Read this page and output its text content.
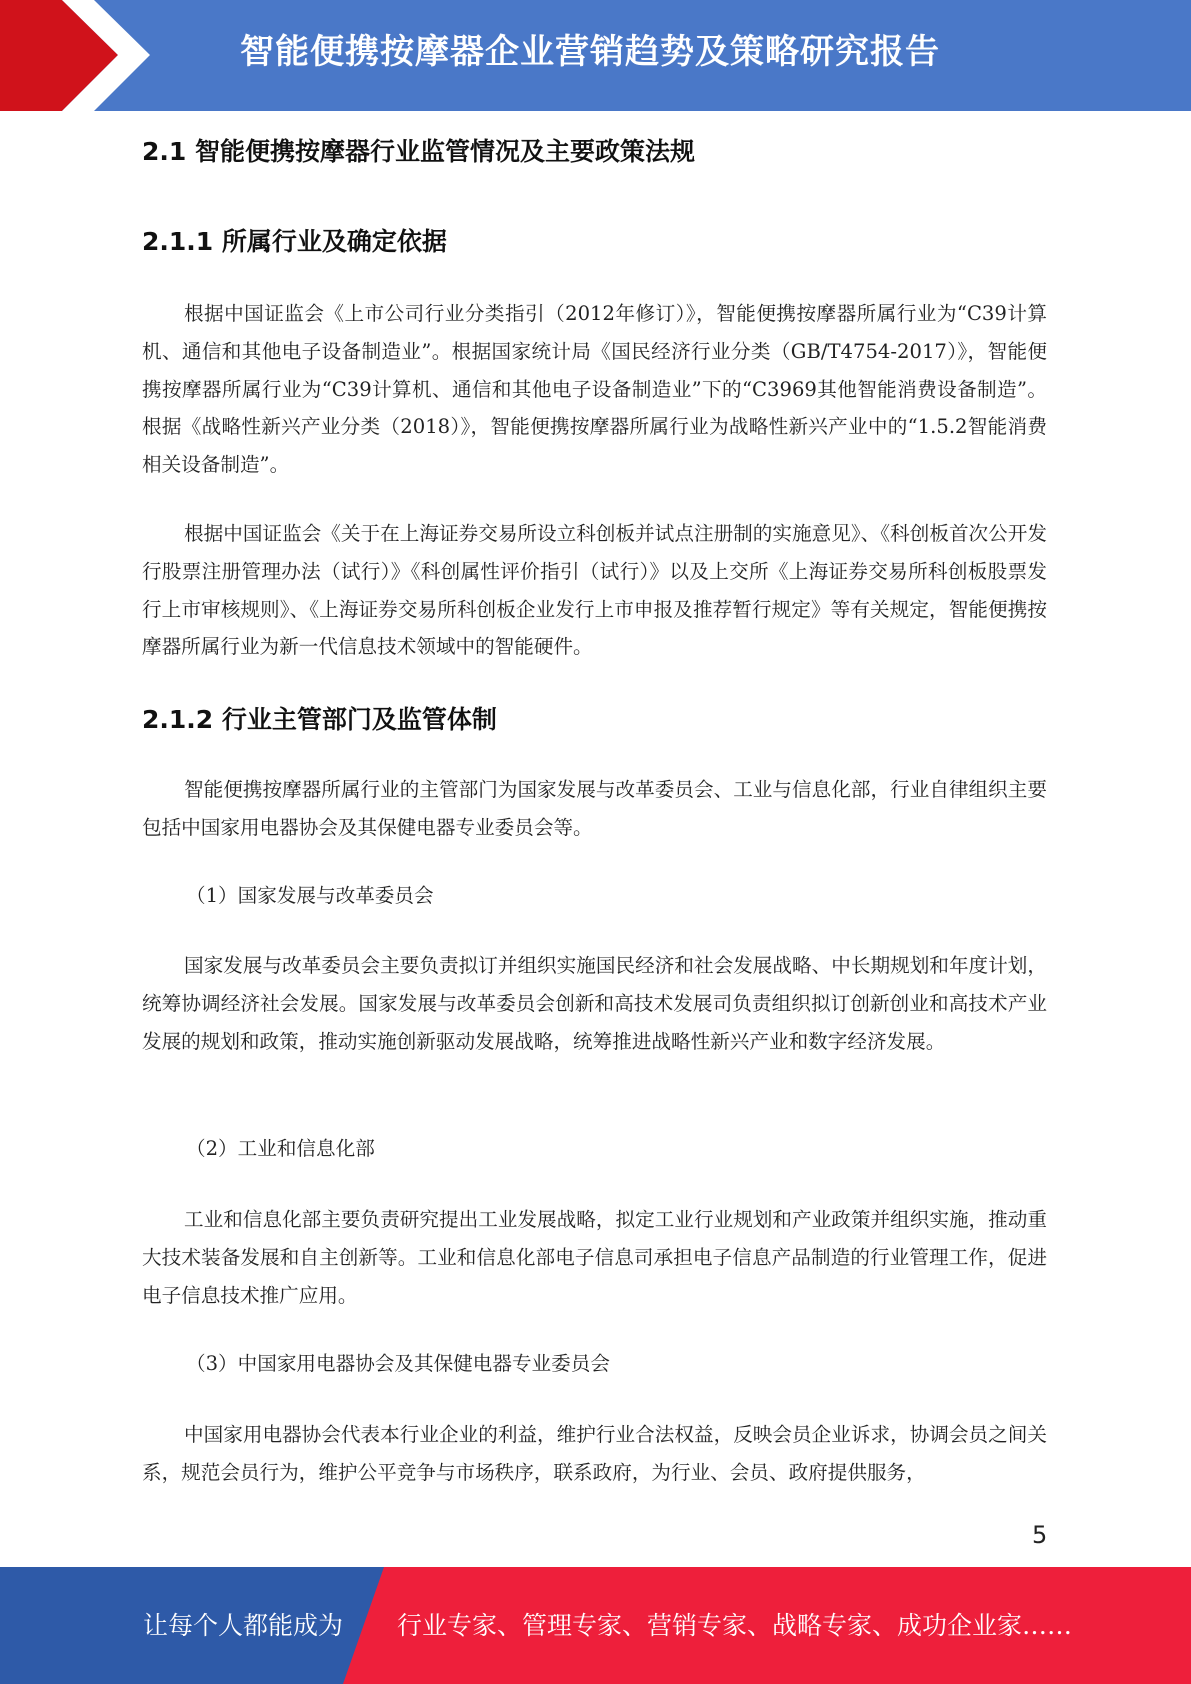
智能便携按摩器企业营销趋势及策略研究报告
2.1 智能便携按摩器行业监管情况及主要政策法规
2.1.1 所属行业及确定依据

根据中国证监会《上市公司行业分类指引（2012年修订）》，智能便携按摩器所属行业为“C39计算机、通信和其他电子设备制造业”。根据国家统计局《国民经济行业分类（GB/T4754-2017）》，智能便携按摩器所属行业为“C39计算机、通信和其他电子设备制造业”下的“C3969其他智能消费设备制造”。根据《战略性新兴产业分类（2018）》，智能便携按摩器所属行业为战略性新兴产业中的“1.5.2智能消费相关设备制造”。

根据中国证监会《关于在上海证券交易所设立科创板并试点注册制的实施意见》、《科创板首次公开发行股票注册管理办法（试行）》《科创属性评价指引（试行）》以及上交所《上海证券交易所科创板股票发行上市审核规则》、《上海证券交易所科创板企业发行上市申报及推荐暂行规定》等有关规定，智能便携按摩器所属行业为新一代信息技术领域中的智能硬件。

2.1.2 行业主管部门及监管体制

智能便携按摩器所属行业的主管部门为国家发展与改革委员会、工业与信息化部，行业自律组织主要包括中国家用电器协会及其保健电器专业委员会等。

（1）国家发展与改革委员会

国家发展与改革委员会主要负责拟订并组织实施国民经济和社会发展战略、中长期规划和年度计划，统筹协调经济社会发展。国家发展与改革委员会创新和高技术发展司负责组织拟订创新创业和高技术产业发展的规划和政策，推动实施创新驱动发展战略，统筹推进战略性新兴产业和数字经济发展。

（2）工业和信息化部

工业和信息化部主要负责研究提出工业发展战略，拟定工业行业规划和产业政策并组织实施，推动重大技术装备发展和自主创新等。工业和信息化部电子信息司承担电子信息产品制造的行业管理工作，促进电子信息技术推广应用。

（3）中国家用电器协会及其保健电器专业委员会

中国家用电器协会代表本行业企业的利益，维护行业合法权益，反映会员企业诉求，协调会员之间关系，规范会员行为，维护公平竞争与市场秩序，联系政府，为行业、会员、政府提供服务，

5
让每个人都能成为 行业专家、管理专家、营销专家、战略专家、成功企业家……
